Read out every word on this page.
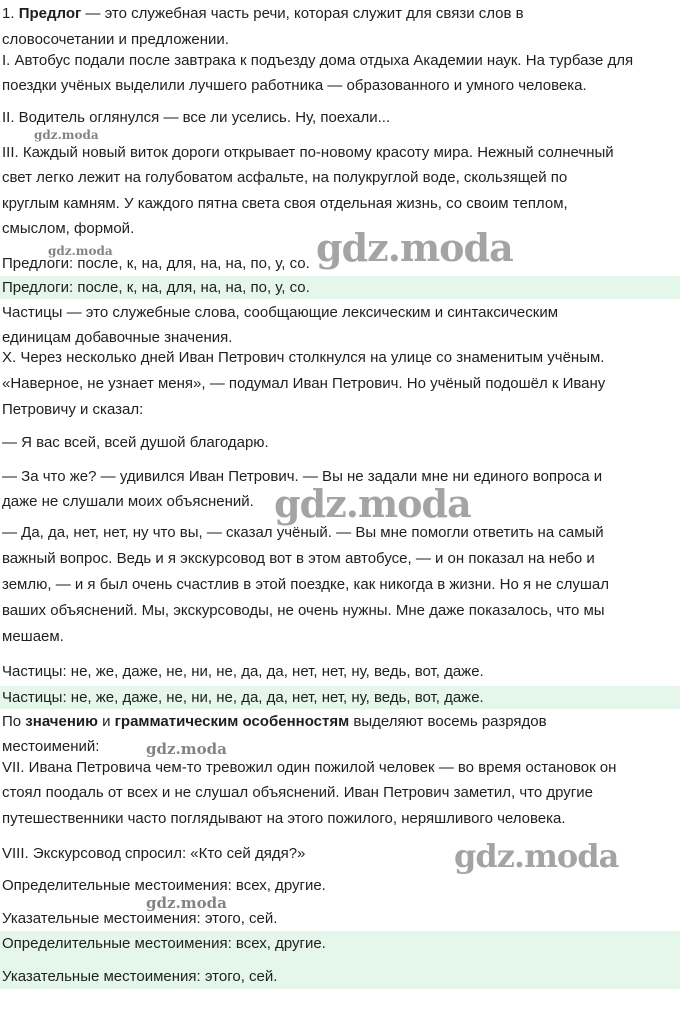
1. Предлог — это служебная часть речи, которая служит для связи слов в
словосочетании и предложении.
I. Автобус подали после завтрака к подъезду дома отдыха Академии наук. На турбазе для
поездки учёных выделили лучшего работника — образованного и умного человека.
II. Водитель оглянулся — все ли уселись. Ну, поехали...
III. Каждый новый виток дороги открывает по-новому красоту мира. Нежный солнечный
свет легко лежит на голубоватом асфальте, на полукруглой воде, скользящей по
круглым камням. У каждого пятна света своя отдельная жизнь, со своим теплом,
смыслом, формой.
Предлоги: после, к, на, для, на, на, по, у, со.
Предлоги: после, к, на, для, на, на, по, у, со.
Частицы — это служебные слова, сообщающие лексическим и синтаксическим
единицам добавочные значения.
X. Через несколько дней Иван Петрович столкнулся на улице со знаменитым учёным.
«Наверное, не узнает меня», — подумал Иван Петрович. Но учёный подошёл к Ивану
Петровичу и сказал:
— Я вас всей, всей душой благодарю.
— За что же? — удивился Иван Петрович. — Вы не задали мне ни единого вопроса и
даже не слушали моих объяснений.
— Да, да, нет, нет, ну что вы, — сказал учёный. — Вы мне помогли ответить на самый
важный вопрос. Ведь и я экскурсовод вот в этом автобусе, — и он показал на небо и
землю, — и я был очень счастлив в этой поездке, как никогда в жизни. Но я не слушал
ваших объяснений. Мы, экскурсоводы, не очень нужны. Мне даже показалось, что мы
мешаем.
Частицы: не, же, даже, не, ни, не, да, да, нет, нет, ну, ведь, вот, даже.
Частицы: не, же, даже, не, ни, не, да, да, нет, нет, ну, ведь, вот, даже.
По значению и грамматическим особенностям выделяют восемь разрядов
местоимений:
VII. Ивана Петровича чем-то тревожил один пожилой человек — во время остановок он
стоял поодаль от всех и не слушал объяснений. Иван Петрович заметил, что другие
путешественники часто поглядывают на этого пожилого, неряшливого человека.
VIII. Экскурсовод спросил: «Кто сей дядя?»
Определительные местоимения: всех, другие.
Указательные местоимения: этого, сей.
Определительные местоимения: всех, другие.
Указательные местоимения: этого, сей.
gdz.moda
gdz.moda	gdz.moda
gdz.moda
gdz.moda
gdz.moda
gdz.moda
